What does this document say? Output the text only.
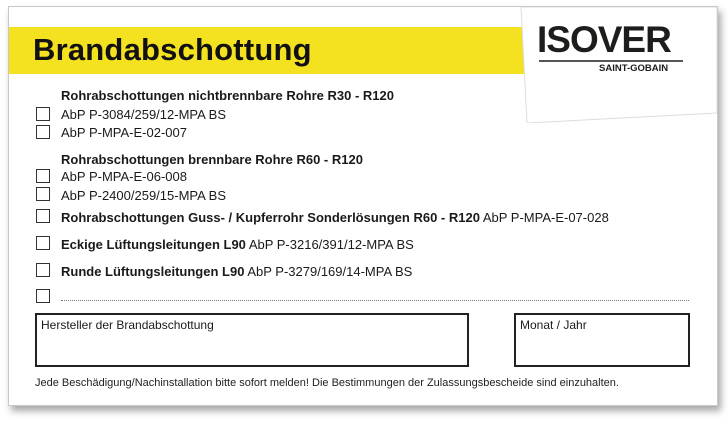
Brandabschottung	ISOVER
SAINT-GOBAIN
Rohrabschottungen nichtbrennbare Rohre R30 - R120
AbP P-3084/259/12-MPA BS
AbP P-MPA-E-02-007
Rohrabschottungen brennbare Rohre R60 - R120
AbP P-MPA-E-06-008
AbP P-2400/259/15-MPA BS
Rohrabschottungen Guss- / Kupferrohr Sonderlösungen R60 - R120 AbP P-MPA-E-07-028
Eckige Lüftungsleitungen L90 AbP P-3216/391/12-MPA BS
Runde Lüftungsleitungen L90 AbP P-3279/169/14-MPA BS
Hersteller der Brandabschottung	Monat / Jahr
Jede Beschädigung/Nachinstallation bitte sofort melden! Die Bestimmungen der Zulassungsbescheide sind einzuhalten.
